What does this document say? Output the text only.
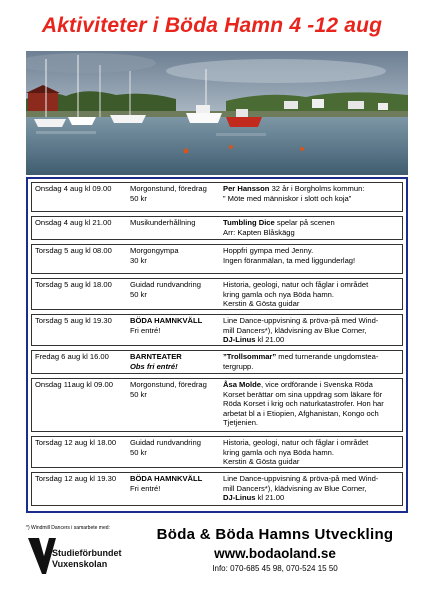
Aktiviteter i Böda Hamn 4 -12 aug
Onsdag 4 aug kl 09.00 Morgonstund, föredrag
50 kr
Per Hansson 32 år i Borgholms kommun:
” Möte med människor i slott och koja”
Onsdag 4 aug kl 21.00 Musikunderhållning	Tumbling Dice spelar på scenen
Arr: Kapten Blåskägg
Torsdag 5 aug kl 08.00 Morgongympa
30 kr
Hoppfri gympa med Jenny.
Ingen föranmälan, ta med liggunderlag!
Torsdag 5 aug kl 18.00 Guidad rundvandring
50 kr
Historia, geologi, natur och fåglar i området
kring gamla och nya Böda hamn.
Kerstin & Gösta guidar
Torsdag 5 aug kl 19.30 BÖDA HAMNKVÄLL
Fri entré!
Line Dance-uppvisning & pröva-på med Wind-
mill Dancers*), klädvisning av Blue Corner,
DJ-Linus kl 21.00
Fredag 6 aug kl 16.00	BARNTEATER
Obs fri entré!
”Trollsommar” med turnerande ungdomstea-
tergrupp.
Onsdag 11aug kl 09.00 Morgonstund, föredrag
50 kr
Åsa Molde, vice ordförande i Svenska Röda
Korset berättar om sina uppdrag som läkare för
Röda Korset i krig och naturkatastrofer. Hon har
arbetat bl a i Etiopien, Afghanistan, Kongo och
Tjetjenien.
Torsdag 12 aug kl 18.00 Guidad rundvandring
50 kr
Historia, geologi, natur och fåglar i området
kring gamla och nya Böda hamn.
Kerstin & Gösta guidar
Torsdag 12 aug kl 19.30 BÖDA HAMNKVÄLL
Fri entré!
Line Dance-uppvisning & pröva-på med Wind-
mill Dancers*), klädvisning av Blue Corner,
DJ-Linus kl 21.00
*) Windmill Dancers i samarbete med:
Studieförbundet
Vuxenskolan
Böda & Böda Hamns Utveckling
www.bodaoland.se
Info: 070-685 45 98, 070-524 15 50
